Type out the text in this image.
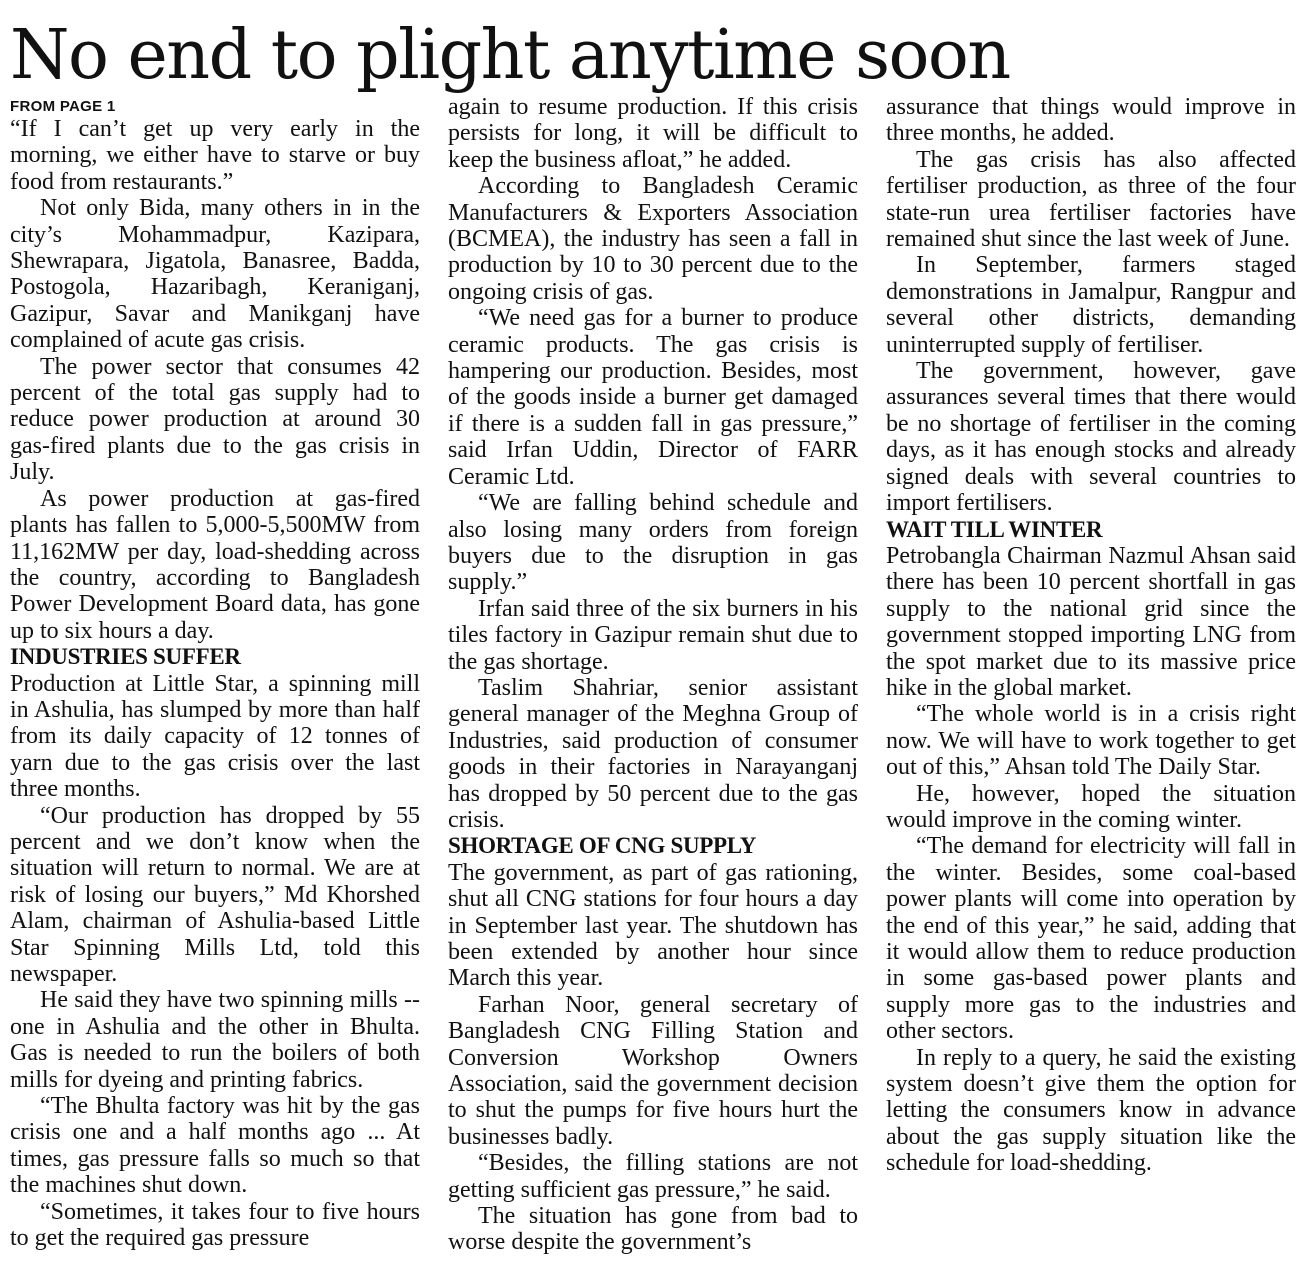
No end to plight anytime soon
FROM PAGE 1

“If I can’t get up very early in the morning, we either have to starve or buy food from restaurants.”

Not only Bida, many others in in the city’s Mohammadpur, Kazipara, Shewrapara, Jigatola, Banasree, Badda, Postogola, Hazaribagh, Keraniganj, Gazipur, Savar and Manikganj have complained of acute gas crisis.

The power sector that consumes 42 percent of the total gas supply had to reduce power production at around 30 gas-fired plants due to the gas crisis in July.

As power production at gas-fired plants has fallen to 5,000-5,500MW from 11,162MW per day, load-shedding across the country, according to Bangladesh Power Development Board data, has gone up to six hours a day.

INDUSTRIES SUFFER

Production at Little Star, a spinning mill in Ashulia, has slumped by more than half from its daily capacity of 12 tonnes of yarn due to the gas crisis over the last three months.

“Our production has dropped by 55 percent and we don’t know when the situation will return to normal. We are at risk of losing our buyers,” Md Khorshed Alam, chairman of Ashulia-based Little Star Spinning Mills Ltd, told this newspaper.

He said they have two spinning mills -- one in Ashulia and the other in Bhulta. Gas is needed to run the boilers of both mills for dyeing and printing fabrics.

“The Bhulta factory was hit by the gas crisis one and a half months ago ... At times, gas pressure falls so much so that the machines shut down.

“Sometimes, it takes four to five hours to get the required gas pressure

again to resume production. If this crisis persists for long, it will be difficult to keep the business afloat,” he added.

According to Bangladesh Ceramic Manufacturers & Exporters Association (BCMEA), the industry has seen a fall in production by 10 to 30 percent due to the ongoing crisis of gas.

“We need gas for a burner to produce ceramic products. The gas crisis is hampering our production. Besides, most of the goods inside a burner get damaged if there is a sudden fall in gas pressure,” said Irfan Uddin, Director of FARR Ceramic Ltd.

“We are falling behind schedule and also losing many orders from foreign buyers due to the disruption in gas supply.”

Irfan said three of the six burners in his tiles factory in Gazipur remain shut due to the gas shortage.

Taslim Shahriar, senior assistant general manager of the Meghna Group of Industries, said production of consumer goods in their factories in Narayanganj has dropped by 50 percent due to the gas crisis.

SHORTAGE OF CNG SUPPLY

The government, as part of gas rationing, shut all CNG stations for four hours a day in September last year. The shutdown has been extended by another hour since March this year.

Farhan Noor, general secretary of Bangladesh CNG Filling Station and Conversion Workshop Owners Association, said the government decision to shut the pumps for five hours hurt the businesses badly.

“Besides, the filling stations are not getting sufficient gas pressure,” he said.

The situation has gone from bad to worse despite the government’s

assurance that things would improve in three months, he added.

The gas crisis has also affected fertiliser production, as three of the four state-run urea fertiliser factories have remained shut since the last week of June.

In September, farmers staged demonstrations in Jamalpur, Rangpur and several other districts, demanding uninterrupted supply of fertiliser.

The government, however, gave assurances several times that there would be no shortage of fertiliser in the coming days, as it has enough stocks and already signed deals with several countries to import fertilisers.

WAIT TILL WINTER

Petrobangla Chairman Nazmul Ahsan said there has been 10 percent shortfall in gas supply to the national grid since the government stopped importing LNG from the spot market due to its massive price hike in the global market.

“The whole world is in a crisis right now. We will have to work together to get out of this,” Ahsan told The Daily Star.

He, however, hoped the situation would improve in the coming winter.

“The demand for electricity will fall in the winter. Besides, some coal-based power plants will come into operation by the end of this year,” he said, adding that it would allow them to reduce production in some gas-based power plants and supply more gas to the industries and other sectors.

In reply to a query, he said the existing system doesn’t give them the option for letting the consumers know in advance about the gas supply situation like the schedule for load-shedding.
